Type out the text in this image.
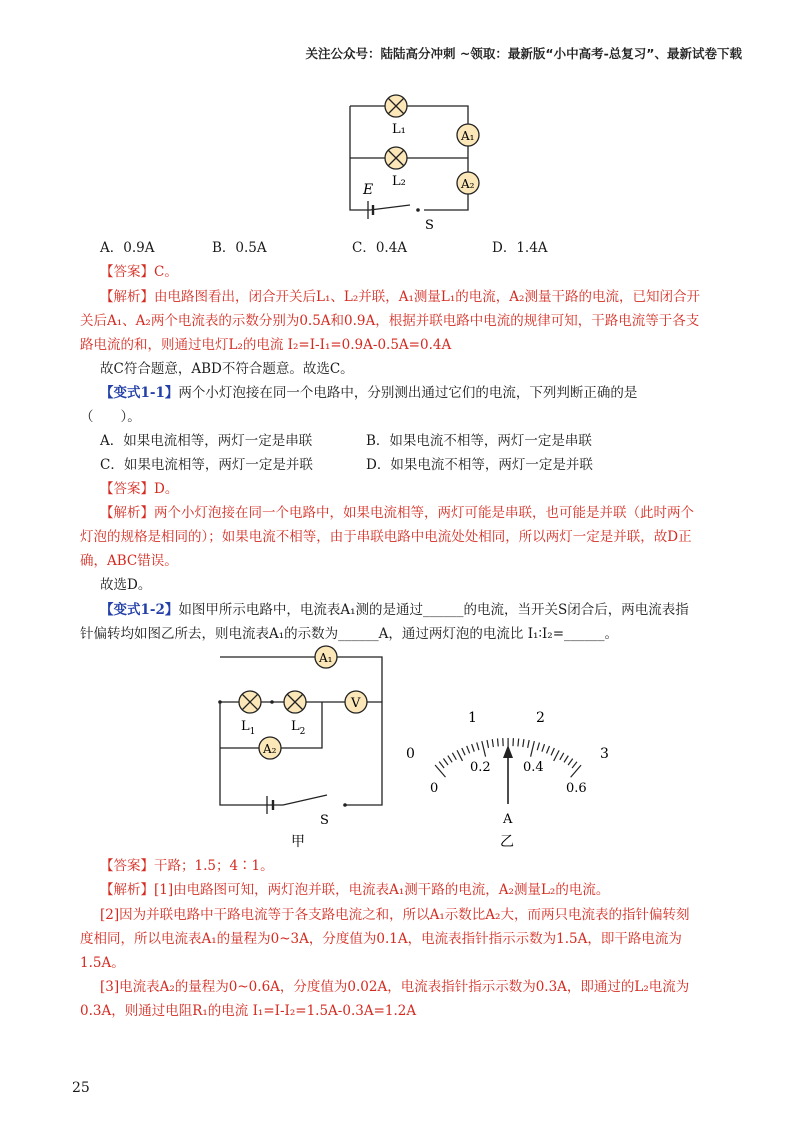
关注公众号：陆陆高分冲刺 ~领取：最新版“小中高考-总复习”、最新试卷下载
L₁
L₂
A₁
A₂
E
S
A．0.9A	B．0.5A	C．0.4A	D．1.4A
【答案】C。
【解析】由电路图看出，闭合开关后L₁、L₂并联，A₁测量L₁的电流，A₂测量干路的电流，已知闭合开
关后A₁、A₂两个电流表的示数分别为0.5A和0.9A，根据并联电路中电流的规律可知，干路电流等于各支
路电流的和，则通过电灯L₂的电流 I₂=I-I₁=0.9A-0.5A=0.4A
故C符合题意，ABD不符合题意。故选C。
【变式1-1】两个小灯泡接在同一个电路中，分别测出通过它们的电流，下列判断正确的是
（　　）。
A．如果电流相等，两灯一定是串联	B．如果电流不相等，两灯一定是串联
C．如果电流相等，两灯一定是并联	D．如果电流不相等，两灯一定是并联
【答案】D。
【解析】两个小灯泡接在同一个电路中，如果电流相等，两灯可能是串联，也可能是并联（此时两个
灯泡的规格是相同的）；如果电流不相等，由于串联电路中电流处处相同，所以两灯一定是并联，故D正
确，ABC错误。
故选D。
【变式1-2】如图甲所示电路中，电流表A₁测的是通过______的电流，当开关S闭合后，两电流表指
针偏转均如图乙所去，则电流表A₁的示数为______A，通过两灯泡的电流比 I₁∶I₂=______。
A₁
V
A₂
$L_1$	$L_2$
S
甲
0
1	2
3
0
0.2 0.4
0.6
A
乙
【答案】干路；1.5；4∶1。
【解析】[1]由电路图可知，两灯泡并联，电流表A₁测干路的电流，A₂测量L₂的电流。
[2]因为并联电路中干路电流等于各支路电流之和，所以A₁示数比A₂大，而两只电流表的指针偏转刻
度相同，所以电流表A₁的量程为0~3A，分度值为0.1A，电流表指针指示示数为1.5A，即干路电流为
1.5A。
[3]电流表A₂的量程为0~0.6A，分度值为0.02A，电流表指针指示示数为0.3A，即通过的L₂电流为
0.3A，则通过电阻R₁的电流 I₁=I-I₂=1.5A-0.3A=1.2A
25
